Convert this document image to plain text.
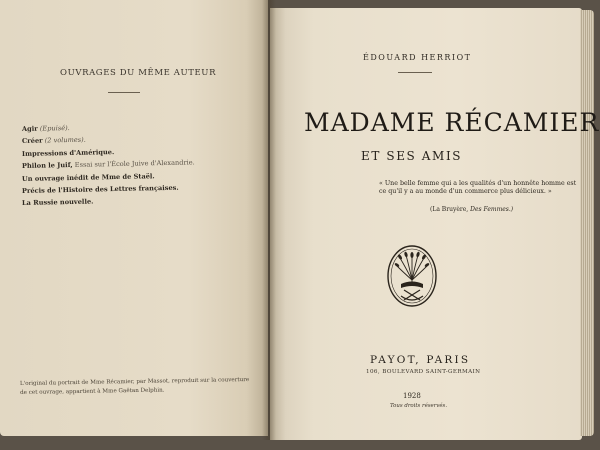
OUVRAGES DU MÊME AUTEUR
Agir (Epuisé).
Créer (2 volumes).
Impressions d'Amérique.
Philon le Juif, Essai sur l'École Juive d'Alexandrie.
Un ouvrage inédit de Mme de Staël.
Précis de l'Histoire des Lettres françaises.
La Russie nouvelle.
L'original du portrait de Mme Récamier, par Massot, reproduit sur la couverture de cet ouvrage, appartient à Mme Gaëtan Delphin.
ÉDOUARD HERRIOT
MADAME RÉCAMIER
ET SES AMIS
« Une belle femme qui a les qualités d'un honnête homme est ce qu'il y a au monde d'un commerce plus délicieux. »
(La Bruyère, Des Femmes.)
PAYOT, PARIS
106, BOULEVARD SAINT-GERMAIN
1928
Tous droits réservés.
